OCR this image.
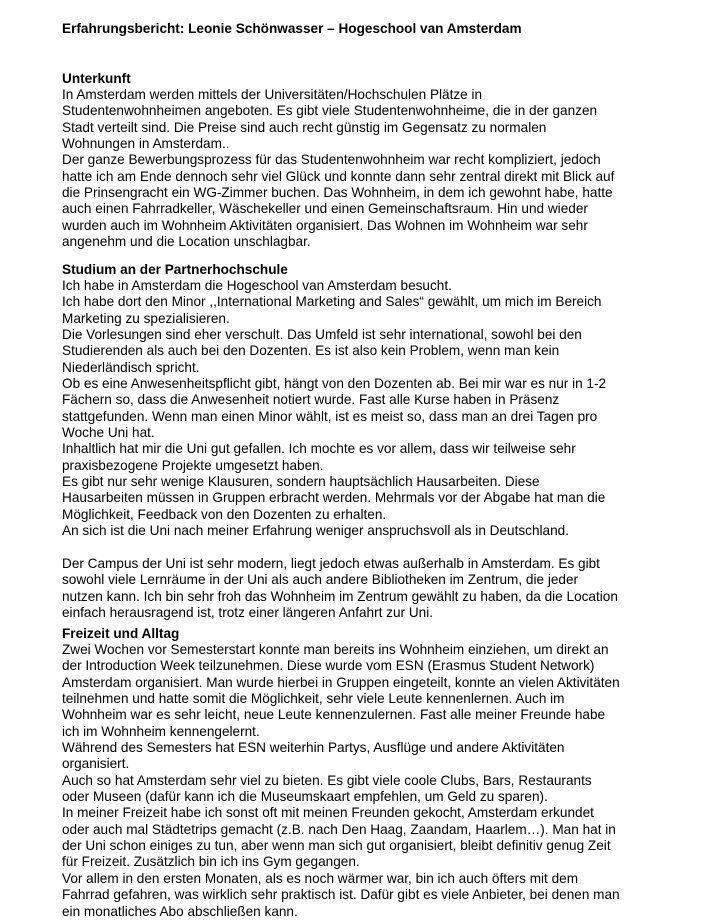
Erfahrungsbericht: Leonie Schönwasser – Hogeschool van Amsterdam
Unterkunft
In Amsterdam werden mittels der Universitäten/Hochschulen Plätze in
Studentenwohnheimen angeboten. Es gibt viele Studentenwohnheime, die in der ganzen
Stadt verteilt sind. Die Preise sind auch recht günstig im Gegensatz zu normalen
Wohnungen in Amsterdam..
Der ganze Bewerbungsprozess für das Studentenwohnheim war recht kompliziert, jedoch
hatte ich am Ende dennoch sehr viel Glück und konnte dann sehr zentral direkt mit Blick auf
die Prinsengracht ein WG-Zimmer buchen. Das Wohnheim, in dem ich gewohnt habe, hatte
auch einen Fahrradkeller, Wäschekeller und einen Gemeinschaftsraum. Hin und wieder
wurden auch im Wohnheim Aktivitäten organisiert. Das Wohnen im Wohnheim war sehr
angenehm und die Location unschlagbar.
Studium an der Partnerhochschule
Ich habe in Amsterdam die Hogeschool van Amsterdam besucht.
Ich habe dort den Minor ,,International Marketing and Sales“ gewählt, um mich im Bereich
Marketing zu spezialisieren.
Die Vorlesungen sind eher verschult. Das Umfeld ist sehr international, sowohl bei den
Studierenden als auch bei den Dozenten. Es ist also kein Problem, wenn man kein
Niederländisch spricht.
Ob es eine Anwesenheitspflicht gibt, hängt von den Dozenten ab. Bei mir war es nur in 1-2
Fächern so, dass die Anwesenheit notiert wurde. Fast alle Kurse haben in Präsenz
stattgefunden. Wenn man einen Minor wählt, ist es meist so, dass man an drei Tagen pro
Woche Uni hat.
Inhaltlich hat mir die Uni gut gefallen. Ich mochte es vor allem, dass wir teilweise sehr
praxisbezogene Projekte umgesetzt haben.
Es gibt nur sehr wenige Klausuren, sondern hauptsächlich Hausarbeiten. Diese
Hausarbeiten müssen in Gruppen erbracht werden. Mehrmals vor der Abgabe hat man die
Möglichkeit, Feedback von den Dozenten zu erhalten.
An sich ist die Uni nach meiner Erfahrung weniger anspruchsvoll als in Deutschland.
Der Campus der Uni ist sehr modern, liegt jedoch etwas außerhalb in Amsterdam. Es gibt
sowohl viele Lernräume in der Uni als auch andere Bibliotheken im Zentrum, die jeder
nutzen kann. Ich bin sehr froh das Wohnheim im Zentrum gewählt zu haben, da die Location
einfach herausragend ist, trotz einer längeren Anfahrt zur Uni.
Freizeit und Alltag
Zwei Wochen vor Semesterstart konnte man bereits ins Wohnheim einziehen, um direkt an
der Introduction Week teilzunehmen. Diese wurde vom ESN (Erasmus Student Network)
Amsterdam organisiert. Man wurde hierbei in Gruppen eingeteilt, konnte an vielen Aktivitäten
teilnehmen und hatte somit die Möglichkeit, sehr viele Leute kennenlernen. Auch im
Wohnheim war es sehr leicht, neue Leute kennenzulernen. Fast alle meiner Freunde habe
ich im Wohnheim kennengelernt.
Während des Semesters hat ESN weiterhin Partys, Ausflüge und andere Aktivitäten
organisiert.
Auch so hat Amsterdam sehr viel zu bieten. Es gibt viele coole Clubs, Bars, Restaurants
oder Museen (dafür kann ich die Museumskaart empfehlen, um Geld zu sparen).
In meiner Freizeit habe ich sonst oft mit meinen Freunden gekocht, Amsterdam erkundet
oder auch mal Städtetrips gemacht (z.B. nach Den Haag, Zaandam, Haarlem…). Man hat in
der Uni schon einiges zu tun, aber wenn man sich gut organisiert, bleibt definitiv genug Zeit
für Freizeit. Zusätzlich bin ich ins Gym gegangen.
Vor allem in den ersten Monaten, als es noch wärmer war, bin ich auch öfters mit dem
Fahrrad gefahren, was wirklich sehr praktisch ist. Dafür gibt es viele Anbieter, bei denen man
ein monatliches Abo abschließen kann.
